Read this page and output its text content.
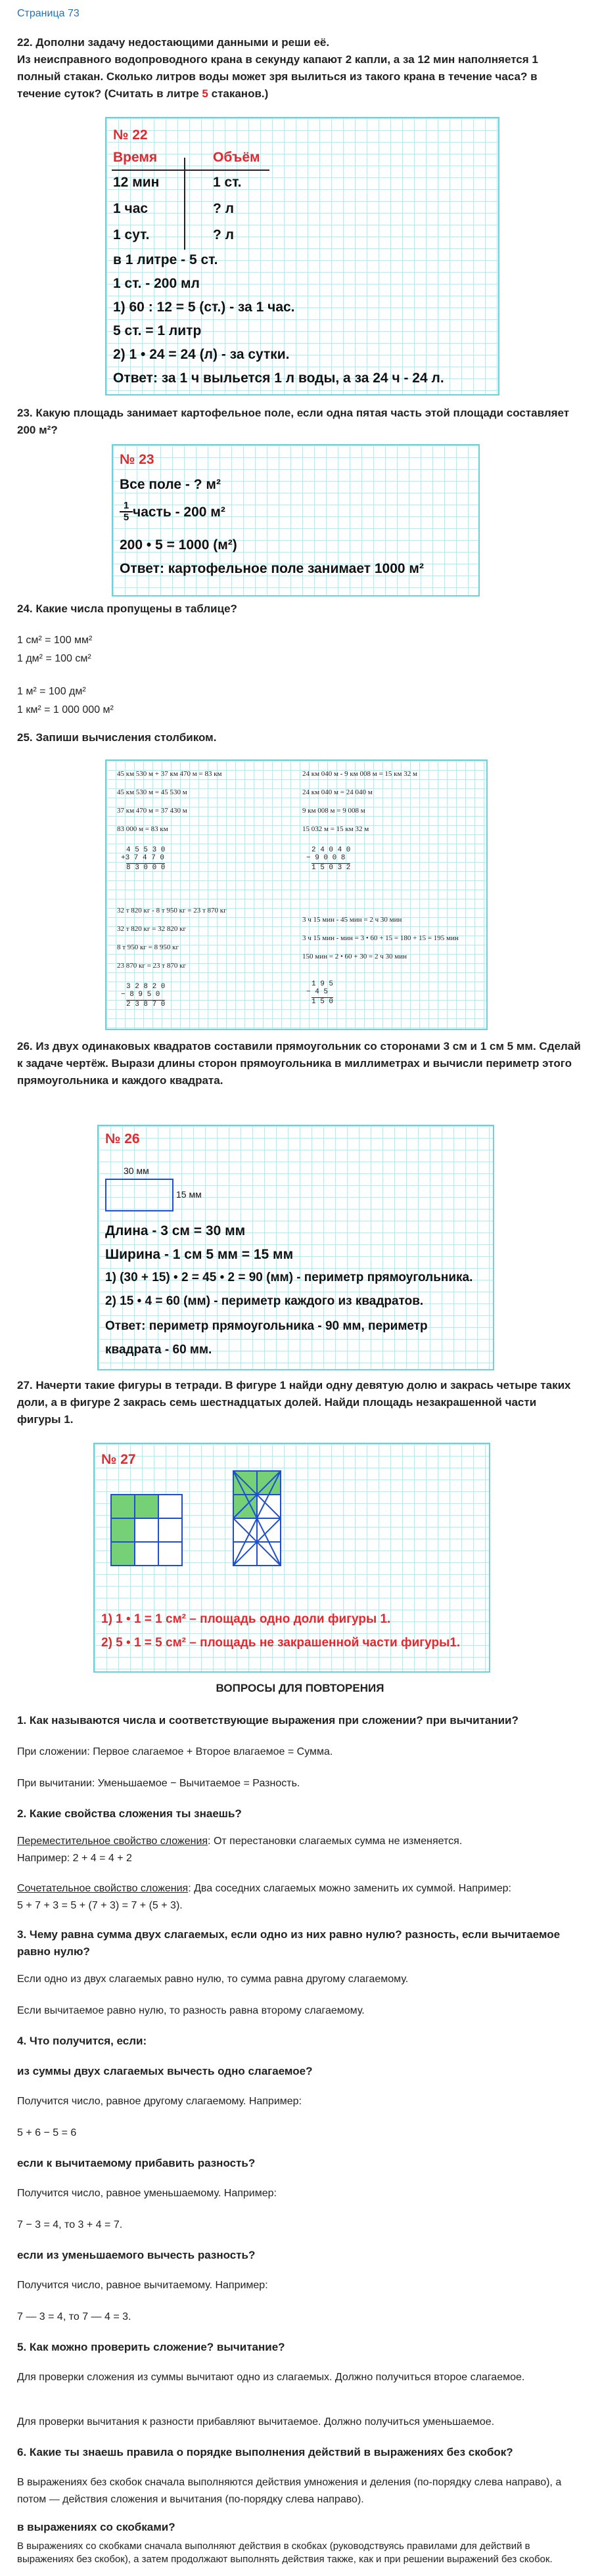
Страница 73
22. Дополни задачу недостающими данными и реши её.
Из неисправного водопроводного крана в секунду капают 2 капли, а за 12 мин наполняется 1 полный стакан. Сколько литров воды может зря вылиться из такого крана в течение часа? в течение суток? (Считать в литре 5 стаканов.)
№ 22
Время	Объём
12 мин	1 ст.
1 час	? л
1 сут.	? л
в 1 литре - 5 ст.
1 ст. - 200 мл
1) 60 : 12 = 5 (ст.) - за 1 час.
5 ст. = 1 литр
2) 1 • 24 = 24 (л) - за сутки.
Ответ: за 1 ч выльется 1 л воды, а за 24 ч - 24 л.
23. Какую площадь занимает картофельное поле, если одна пятая часть этой площади составляет 200 м²?
№ 23
Все поле - ? м²
$\frac{1}{5}$ часть - 200 м²
200 • 5 = 1000 (м²)
Ответ: картофельное поле занимает 1000 м²
24. Какие числа пропущены в таблице?
1 см² = 100 мм²
1 дм² = 100 см²
1 м² = 100 дм²
1 км² = 1 000 000 м²
25. Запиши вычисления столбиком.
45 км 530 м + 37 км 470 м = 83 км
45 км 530 м = 45 530 м
37 км 470 м = 37 430 м
83 000 м = 83 км
4 5 5 3 0
+3 7 4 7 0
8 3 0 0 0
32 т 820 кг - 8 т 950 кг = 23 т 870 кг
32 т 820 кг = 32 820 кг
8 т 950 кг = 8 950 кг
23 870 кг = 23 т 870 кг
3 2 8 2 0
− 8 9 5 0
2 3 8 7 0
24 км 040 м - 9 км 008 м = 15 км 32 м
24 км 040 м = 24 040 м
9 км 008 м = 9 008 м
15 032 м = 15 км 32 м
2 4 0 4 0
− 9 0 0 8
1 5 0 3 2
3 ч 15 мин - 45 мин = 2 ч 30 мин
3 ч 15 мин - мин = 3 • 60 + 15 = 180 + 15 = 195 мин
150 мин = 2 • 60 + 30 = 2 ч 30 мин
1 9 5
− 4 5
1 5 0
26. Из двух одинаковых квадратов составили прямоугольник со сторонами 3 см и 1 см 5 мм. Сделай к задаче чертёж. Вырази длины сторон прямоугольника в миллиметрах и вычисли периметр этого прямоугольника и каждого квадрата.
№ 26
30 мм
15 мм
Длина - 3 см = 30 мм
Ширина - 1 см 5 мм = 15 мм
1) (30 + 15) • 2 = 45 • 2 = 90 (мм) - периметр прямоугольника.
2) 15 • 4 = 60 (мм) - периметр каждого из квадратов.
Ответ: периметр прямоугольника - 90 мм, периметр
квадрата - 60 мм.
27. Начерти такие фигуры в тетради. В фигуре 1 найди одну девятую долю и закрась четыре таких доли, а в фигуре 2 закрась семь шестнадцатых долей. Найди площадь незакрашенной части фигуры 1.
№ 27
1) 1 • 1 = 1 см² – площадь одно доли фигуры 1.
2) 5 • 1 = 5 см² – площадь не закрашенной части фигуры1.
ВОПРОСЫ ДЛЯ ПОВТОРЕНИЯ
1. Как называются числа и соответствующие выражения при сложении? при вычитании?
При сложении: Первое слагаемое + Второе влагаемое = Сумма.
При вычитании: Уменьшаемое − Вычитаемое = Разность.
2. Какие свойства сложения ты знаешь?
Переместительное свойство сложения: От перестановки слагаемых сумма не изменяется.
Например: 2 + 4 = 4 + 2
Сочетательное свойство сложения: Два соседних слагаемых можно заменить их суммой. Например:
5 + 7 + 3 = 5 + (7 + 3) = 7 + (5 + 3).
3. Чему равна сумма двух слагаемых, если одно из них равно нулю? разность, если вычитаемое равно нулю?
Если одно из двух слагаемых равно нулю, то сумма равна другому слагаемому.
Если вычитаемое равно нулю, то разность равна второму слагаемому.
4. Что получится, если:
из суммы двух слагаемых вычесть одно слагаемое?
Получится число, равное другому слагаемому. Например:
5 + 6 − 5 = 6
если к вычитаемому прибавить разность?
Получится число, равное уменьшаемому. Например:
7 − 3 = 4, то 3 + 4 = 7.
если из уменьшаемого вычесть разность?
Получится число, равное вычитаемому. Например:
7 — 3 = 4, то 7 — 4 = 3.
5. Как можно проверить сложение? вычитание?
Для проверки сложения из суммы вычитают одно из слагаемых. Должно получиться второе слагаемое.
Для проверки вычитания к разности прибавляют вычитаемое. Должно получиться уменьшаемое.
6. Какие ты знаешь правила о порядке выполнения действий в выражениях без скобок?
В выражениях без скобок сначала выполняются действия умножения и деления (по-порядку слева направо), а потом — действия сложения и вычитания (по-порядку слева направо).
в выражениях со скобками?
В выражениях со скобками сначала выполняют действия в скобках (руководствуясь правилами для действий в выражениях без скобок), а затем продолжают выполнять действия также, как и при решении выражений без скобок.
